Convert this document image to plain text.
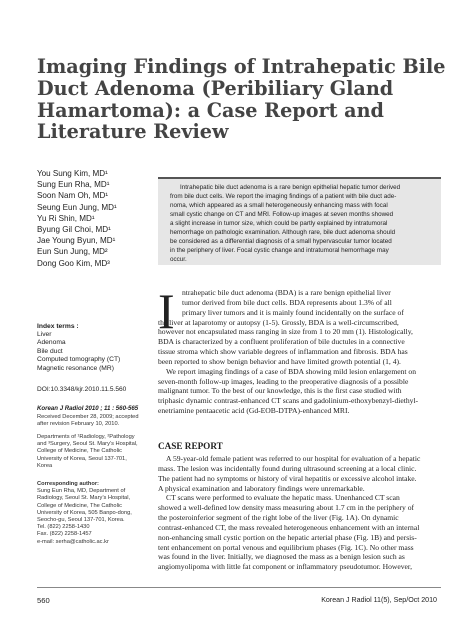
Imaging Findings of Intrahepatic Bile
Duct Adenoma (Peribiliary Gland
Hamartoma): a Case Report and
Literature Review
You Sung Kim, MD¹
Sung Eun Rha, MD¹
Soon Nam Oh, MD¹
Seung Eun Jung, MD¹
Yu Ri Shin, MD¹
Byung Gil Choi, MD¹
Jae Young Byun, MD¹
Eun Sun Jung, MD²
Dong Goo Kim, MD³
Intrahepatic bile duct adenoma is a rare benign epithelial hepatic tumor derived
from bile duct cells. We report the imaging findings of a patient with bile duct ade-
noma, which appeared as a small heterogeneously enhancing mass with focal
small cystic change on CT and MRI. Follow-up images at seven months showed
a slight increase in tumor size, which could be partly explained by intratumoral
hemorrhage on pathologic examination. Although rare, bile duct adenoma should
be considered as a differential diagnosis of a small hypervascular tumor located
in the periphery of liver. Focal cystic change and intratumoral hemorrhage may
occur.
Index terms :
Liver
Adenoma
Bile duct
Computed tomography (CT)
Magnetic resonance (MR)
DOI:10.3348/kjr.2010.11.5.560
Korean J Radiol 2010 ; 11 : 560-565
Received December 28, 2009; accepted
after revision February 10, 2010.
Departments of ¹Radiology, ²Pathology
and ³Surgery, Seoul St. Mary’s Hospital,
College of Medicine, The Catholic
University of Korea, Seoul 137-701,
Korea
Corresponding author:
Sung Eun Rha, MD, Department of
Radiology, Seoul St. Mary’s Hospital,
College of Medicine, The Catholic
University of Korea, 505 Banpo-dong,
Seocho-gu, Seoul 137-701, Korea.
Tel. (822) 2258-1430
Fax. (822) 2258-1457
e-mail: serha@catholic.ac.kr
I ntrahepatic bile duct adenoma (BDA) is a rare benign epithelial liver
tumor derived from bile duct cells. BDA represents about 1.3% of all
primary liver tumors and it is mainly found incidentally on the surface of
the liver at laparotomy or autopsy (1-5). Grossly, BDA is a well-circumscribed,
however not encapsulated mass ranging in size from 1 to 20 mm (1). Histologically,
BDA is characterized by a confluent proliferation of bile ductules in a connective
tissue stroma which show variable degrees of inflammation and fibrosis. BDA has
been reported to show benign behavior and have limited growth potential (1, 4).
We report imaging findings of a case of BDA showing mild lesion enlargement on
seven-month follow-up images, leading to the preoperative diagnosis of a possible
malignant tumor. To the best of our knowledge, this is the first case studied with
triphasic dynamic contrast-enhanced CT scans and gadolinium-ethoxybenzyl-diethyl-
enetriamine pentaacetic acid (Gd-EOB-DTPA)-enhanced MRI.
CASE REPORT
A 59-year-old female patient was referred to our hospital for evaluation of a hepatic
mass. The lesion was incidentally found during ultrasound screening at a local clinic.
The patient had no symptoms or history of viral hepatitis or excessive alcohol intake.
A physical examination and laboratory findings were unremarkable.
CT scans were performed to evaluate the hepatic mass. Unenhanced CT scan
showed a well-defined low density mass measuring about 1.7 cm in the periphery of
the posteroinferior segment of the right lobe of the liver (Fig. 1A). On dynamic
contrast-enhanced CT, the mass revealed heterogeneous enhancement with an internal
non-enhancing small cystic portion on the hepatic arterial phase (Fig. 1B) and persis-
tent enhancement on portal venous and equilibrium phases (Fig. 1C). No other mass
was found in the liver. Initially, we diagnosed the mass as a benign lesion such as
angiomyolipoma with little fat component or inflammatory pseudotumor. However,
560	Korean J Radiol 11(5), Sep/Oct 2010
